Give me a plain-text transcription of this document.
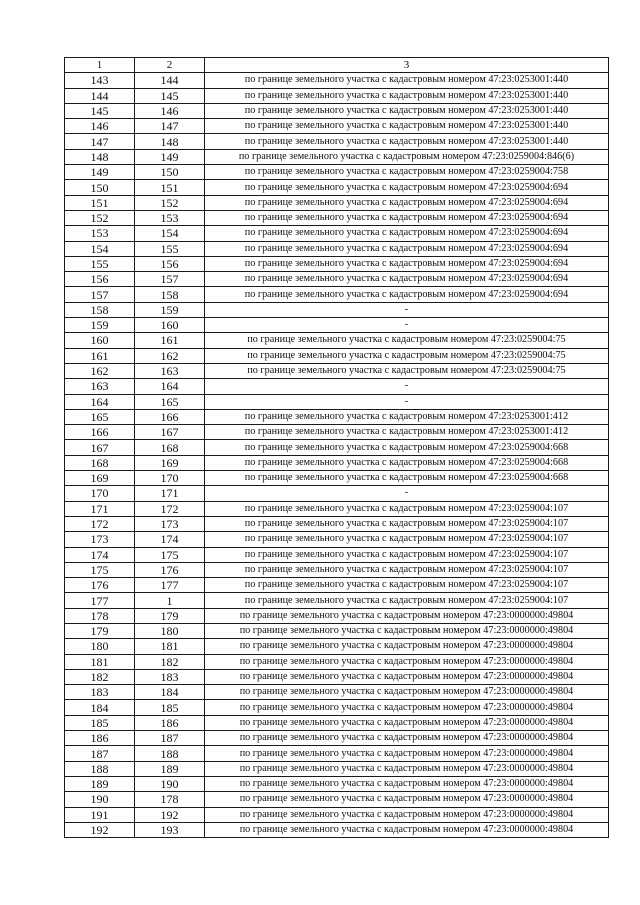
1	2	3
143	144	по границе земельного участка с кадастровым номером 47:23:0253001:440
144	145	по границе земельного участка с кадастровым номером 47:23:0253001:440
145	146	по границе земельного участка с кадастровым номером 47:23:0253001:440
146	147	по границе земельного участка с кадастровым номером 47:23:0253001:440
147	148	по границе земельного участка с кадастровым номером 47:23:0253001:440
148	149	по границе земельного участка с кадастровым номером 47:23:0259004:846(6)
149	150	по границе земельного участка с кадастровым номером 47:23:0259004:758
150	151	по границе земельного участка с кадастровым номером 47:23:0259004:694
151	152	по границе земельного участка с кадастровым номером 47:23:0259004:694
152	153	по границе земельного участка с кадастровым номером 47:23:0259004:694
153	154	по границе земельного участка с кадастровым номером 47:23:0259004:694
154	155	по границе земельного участка с кадастровым номером 47:23:0259004:694
155	156	по границе земельного участка с кадастровым номером 47:23:0259004:694
156	157	по границе земельного участка с кадастровым номером 47:23:0259004:694
157	158	по границе земельного участка с кадастровым номером 47:23:0259004:694
158	159	-
159	160	-
160	161	по границе земельного участка с кадастровым номером 47:23:0259004:75
161	162	по границе земельного участка с кадастровым номером 47:23:0259004:75
162	163	по границе земельного участка с кадастровым номером 47:23:0259004:75
163	164	-
164	165	-
165	166	по границе земельного участка с кадастровым номером 47:23:0253001:412
166	167	по границе земельного участка с кадастровым номером 47:23:0253001:412
167	168	по границе земельного участка с кадастровым номером 47:23:0259004:668
168	169	по границе земельного участка с кадастровым номером 47:23:0259004:668
169	170	по границе земельного участка с кадастровым номером 47:23:0259004:668
170	171	-
171	172	по границе земельного участка с кадастровым номером 47:23:0259004:107
172	173	по границе земельного участка с кадастровым номером 47:23:0259004:107
173	174	по границе земельного участка с кадастровым номером 47:23:0259004:107
174	175	по границе земельного участка с кадастровым номером 47:23:0259004:107
175	176	по границе земельного участка с кадастровым номером 47:23:0259004:107
176	177	по границе земельного участка с кадастровым номером 47:23:0259004:107
177	1	по границе земельного участка с кадастровым номером 47:23:0259004:107
178	179	по границе земельного участка с кадастровым номером 47:23:0000000:49804
179	180	по границе земельного участка с кадастровым номером 47:23:0000000:49804
180	181	по границе земельного участка с кадастровым номером 47:23:0000000:49804
181	182	по границе земельного участка с кадастровым номером 47:23:0000000:49804
182	183	по границе земельного участка с кадастровым номером 47:23:0000000:49804
183	184	по границе земельного участка с кадастровым номером 47:23:0000000:49804
184	185	по границе земельного участка с кадастровым номером 47:23:0000000:49804
185	186	по границе земельного участка с кадастровым номером 47:23:0000000:49804
186	187	по границе земельного участка с кадастровым номером 47:23:0000000:49804
187	188	по границе земельного участка с кадастровым номером 47:23:0000000:49804
188	189	по границе земельного участка с кадастровым номером 47:23:0000000:49804
189	190	по границе земельного участка с кадастровым номером 47:23:0000000:49804
190	178	по границе земельного участка с кадастровым номером 47:23:0000000:49804
191	192	по границе земельного участка с кадастровым номером 47:23:0000000:49804
192	193	по границе земельного участка с кадастровым номером 47:23:0000000:49804
